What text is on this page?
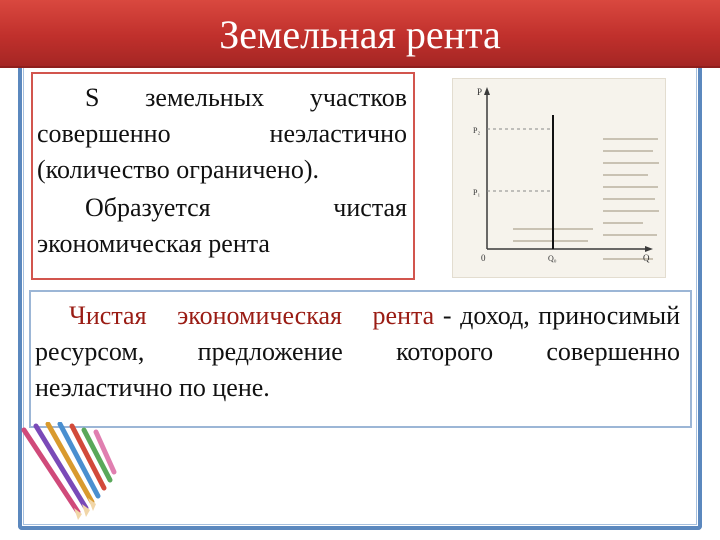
Земельная рента
S земельных участков
совершенно неэластично
(количество ограничено).
Образуется чистая
экономическая рента
P
P₂
P₁
0	Q₀	Q
Чистая экономическая рента - доход, приносимый ресурсом, предложение которого совершенно неэластично по цене.
